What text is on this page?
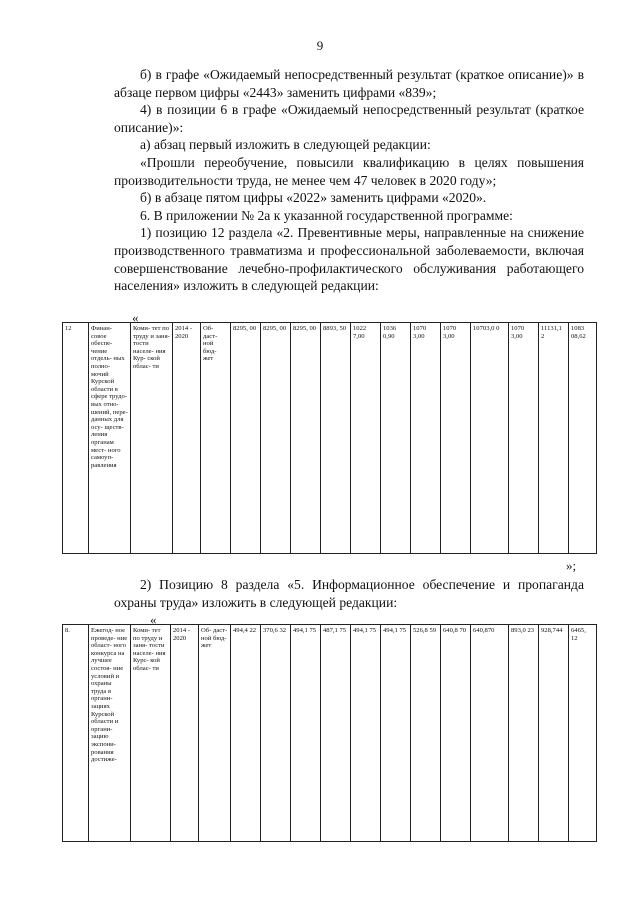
9

б) в графе «Ожидаемый непосредственный результат (краткое описание)» в абзаце первом цифры «2443» заменить цифрами «839»;

4) в позиции 6 в графе «Ожидаемый непосредственный результат (краткое описание)»:

а) абзац первый изложить в следующей редакции:

«Прошли переобучение, повысили квалификацию в целях повышения производительности труда, не менее чем 47 человек в 2020 году»;

б) в абзаце пятом цифры «2022» заменить цифрами «2020».

6. В приложении № 2а к указанной государственной программе:

1) позицию 12 раздела «2. Превентивные меры, направленные на снижение производственного травматизма и профессиональной заболеваемости, включая совершенствование лечебно-профилактического обслуживания работающего населения» изложить в следующей редакции:

«
12	Финан- совое обеспе- чение отдель- ных полно- мочий Курской области в сфере трудо- вых отно- шений, пере- данных для осу- ществ- ления органам мест- ного самоуп- равления	Коми- тет по труду и заня- тости населе- ния Кур- ской облас- ти	2014 - 2020	Об- даст- ной бюд- жет	8295, 00	8295, 00	8295, 00	8893, 50	1022 7,00	1036 0,90	1070 3,00	1070 3,00	10703,0 0	1070 3,00	11131,1 2	1083 08,62
»;

2) Позицию 8 раздела «5. Информационное обеспечение и пропаганда охраны труда» изложить в следующей редакции:

«
8.	Ежегод- ное проведе- ние област- ного конкурса на лучшее состоя- ние условий и охраны труда в органи- зациях Курской области и органи- зацию экспони- рования достиже-	Коми- тет по труду и заня- тости населе- ния Курс- кой облас- ти	2014 - 2020	Об- даст- ной бюд- жет	494,4 22	370,6 32	494,1 75	487,1 75	494,1 75	494,1 75	526,8 59	640,8 70	640,870	893,0 23	928,744	6465, 12
